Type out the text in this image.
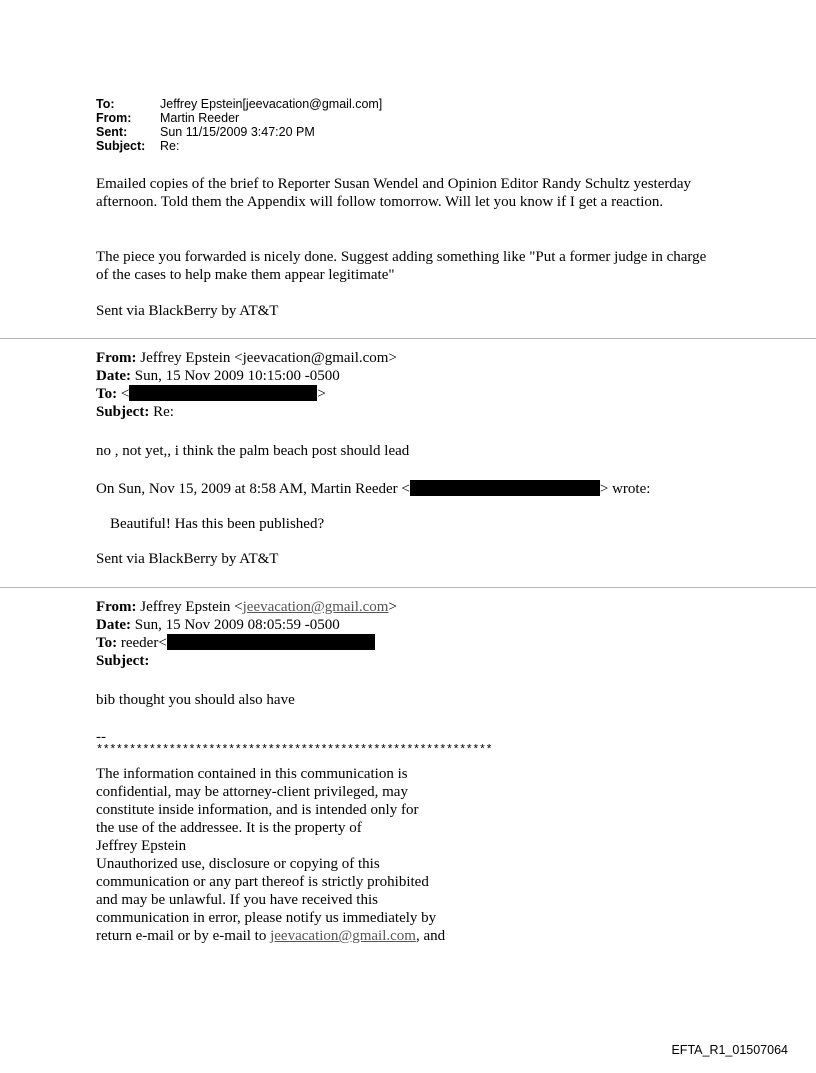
To:	Jeffrey Epstein[jeevacation@gmail.com]
From:	Martin Reeder
Sent:	Sun 11/15/2009 3:47:20 PM
Subject:	Re:

Emailed copies of the brief to Reporter Susan Wendel and Opinion Editor Randy Schultz yesterday afternoon. Told them the Appendix will follow tomorrow. Will let you know if I get a reaction.

The piece you forwarded is nicely done. Suggest adding something like "Put a former judge in charge of the cases to help make them appear legitimate"

Sent via BlackBerry by AT&T

From: Jeffrey Epstein <jeevacation@gmail.com>
Date: Sun, 15 Nov 2009 10:15:00 -0500
To: <	>
Subject: Re:

no , not yet,, i think the palm beach post should lead

On Sun, Nov 15, 2009 at 8:58 AM, Martin Reeder <	> wrote:

Beautiful! Has this been published?

Sent via BlackBerry by AT&T

From: Jeffrey Epstein <jeevacation@gmail.com>
Date: Sun, 15 Nov 2009 08:05:59 -0500
To: reeder<
Subject:

bib thought you should also have

--

************************************************************

The information contained in this communication is
confidential, may be attorney-client privileged, may
constitute inside information, and is intended only for
the use of the addressee. It is the property of
Jeffrey Epstein
Unauthorized use, disclosure or copying of this
communication or any part thereof is strictly prohibited
and may be unlawful. If you have received this
communication in error, please notify us immediately by
return e-mail or by e-mail to jeevacation@gmail.com, and
EFTA_R1_01507064
